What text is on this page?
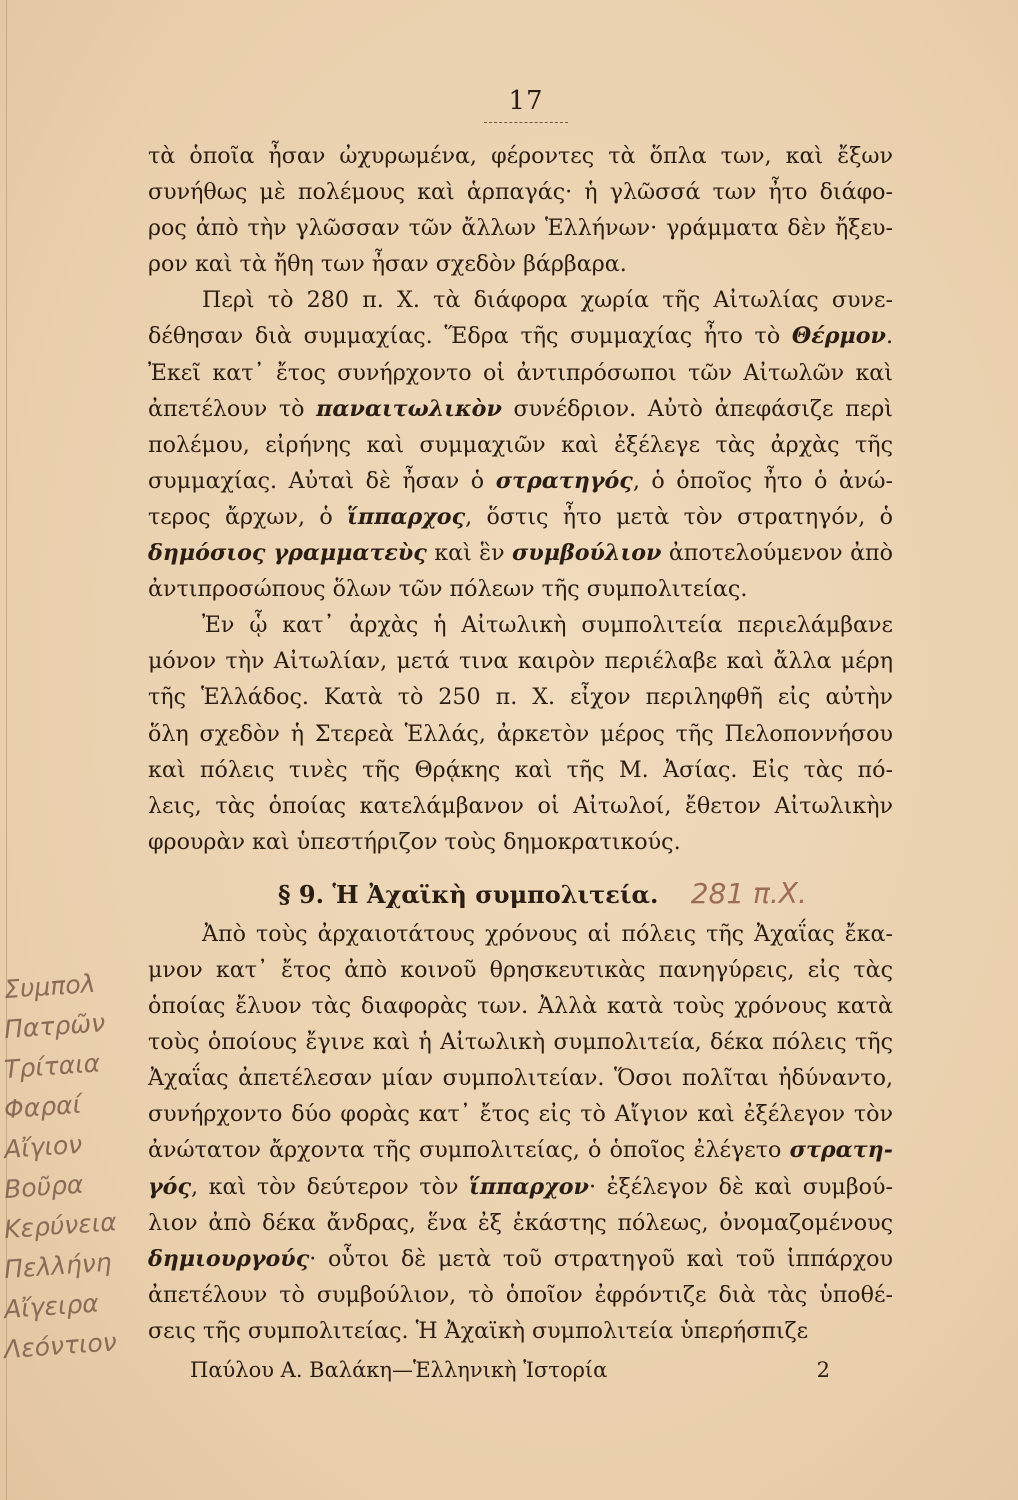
17
τὰ ὁποῖα ἦσαν ὠχυρωμένα, φέροντες τὰ ὅπλα των, καὶ ἔξων
συνήθως μὲ πολέμους καὶ ἁρπαγάς· ἡ γλῶσσά των ἦτο διάφο-
ρος ἀπὸ τὴν γλῶσσαν τῶν ἄλλων Ἑλλήνων· γράμματα δὲν ἤξευ-
ρον καὶ τὰ ἤθη των ἦσαν σχεδὸν βάρβαρα.
Περὶ τὸ 280 π. Χ. τὰ διάφορα χωρία τῆς Αἰτωλίας συνε-
δέθησαν διὰ συμμαχίας. Ἕδρα τῆς συμμαχίας ἦτο τὸ Θέρμον.
Ἐκεῖ κατ᾿ ἔτος συνήρχοντο οἱ ἀντιπρόσωποι τῶν Αἰτωλῶν καὶ
ἀπετέλουν τὸ παναιτωλικὸν συνέδριον. Αὐτὸ ἀπεφάσιζε περὶ
πολέμου, εἰρήνης καὶ συμμαχιῶν καὶ ἐξέλεγε τὰς ἀρχὰς τῆς
συμμαχίας. Αὐταὶ δὲ ἦσαν ὁ στρατηγός, ὁ ὁποῖος ἦτο ὁ ἀνώ-
τερος ἄρχων, ὁ ἵππαρχος, ὅστις ἦτο μετὰ τὸν στρατηγόν, ὁ
δημόσιος γραμματεὺς καὶ ἓν συμβούλιον ἀποτελούμενον ἀπὸ
ἀντιπροσώπους ὅλων τῶν πόλεων τῆς συμπολιτείας.
Ἐν ᾧ κατ᾿ ἀρχὰς ἡ Αἰτωλικὴ συμπολιτεία περιελάμβανε
μόνον τὴν Αἰτωλίαν, μετά τινα καιρὸν περιέλαβε καὶ ἄλλα μέρη
τῆς Ἑλλάδος. Κατὰ τὸ 250 π. Χ. εἶχον περιληφθῆ εἰς αὐτὴν
ὅλη σχεδὸν ἡ Στερεὰ Ἑλλάς, ἀρκετὸν μέρος τῆς Πελοποννήσου
καὶ πόλεις τινὲς τῆς Θρᾴκης καὶ τῆς Μ. Ἀσίας. Εἰς τὰς πό-
λεις, τὰς ὁποίας κατελάμβανον οἱ Αἰτωλοί, ἔθετον Αἰτωλικὴν
φρουρὰν καὶ ὑπεστήριζον τοὺς δημοκρατικούς.
§ 9. Ἡ Ἀχαϊκὴ συμπολιτεία. 281 π.Χ.
Ἀπὸ τοὺς ἀρχαιοτάτους χρόνους αἱ πόλεις τῆς Ἀχαΐας ἔκα-
μνον κατ᾿ ἔτος ἀπὸ κοινοῦ θρησκευτικὰς πανηγύρεις, εἰς τὰς
ὁποίας ἔλυον τὰς διαφορὰς των. Ἀλλὰ κατὰ τοὺς χρόνους κατὰ
τοὺς ὁποίους ἔγινε καὶ ἡ Αἰτωλικὴ συμπολιτεία, δέκα πόλεις τῆς
Ἀχαΐας ἀπετέλεσαν μίαν συμπολιτείαν. Ὅσοι πολῖται ἠδύναντο,
συνήρχοντο δύο φορὰς κατ᾿ ἔτος εἰς τὸ Αἴγιον καὶ ἐξέλεγον τὸν
ἀνώτατον ἄρχοντα τῆς συμπολιτείας, ὁ ὁποῖος ἐλέγετο στρατη-
γός, καὶ τὸν δεύτερον τὸν ἵππαρχον· ἐξέλεγον δὲ καὶ συμβού-
λιον ἀπὸ δέκα ἄνδρας, ἕνα ἐξ ἑκάστης πόλεως, ὀνομαζομένους
δημιουργούς· οὗτοι δὲ μετὰ τοῦ στρατηγοῦ καὶ τοῦ ἱππάρχου
ἀπετέλουν τὸ συμβούλιον, τὸ ὁποῖον ἐφρόντιζε διὰ τὰς ὑποθέ-
σεις τῆς συμπολιτείας. Ἡ Ἀχαϊκὴ συμπολιτεία ὑπερήσπιζε
Συμπολ
Πατρῶν
Τρίταια
Φαραί
Αἴγιον
Βοῦρα
Κερύνεια
Πελλήνη
Αἴγειρα
Λεόντιον
Παύλου Α. Βαλάκη—Ἑλληνικὴ Ἱστορία	2
